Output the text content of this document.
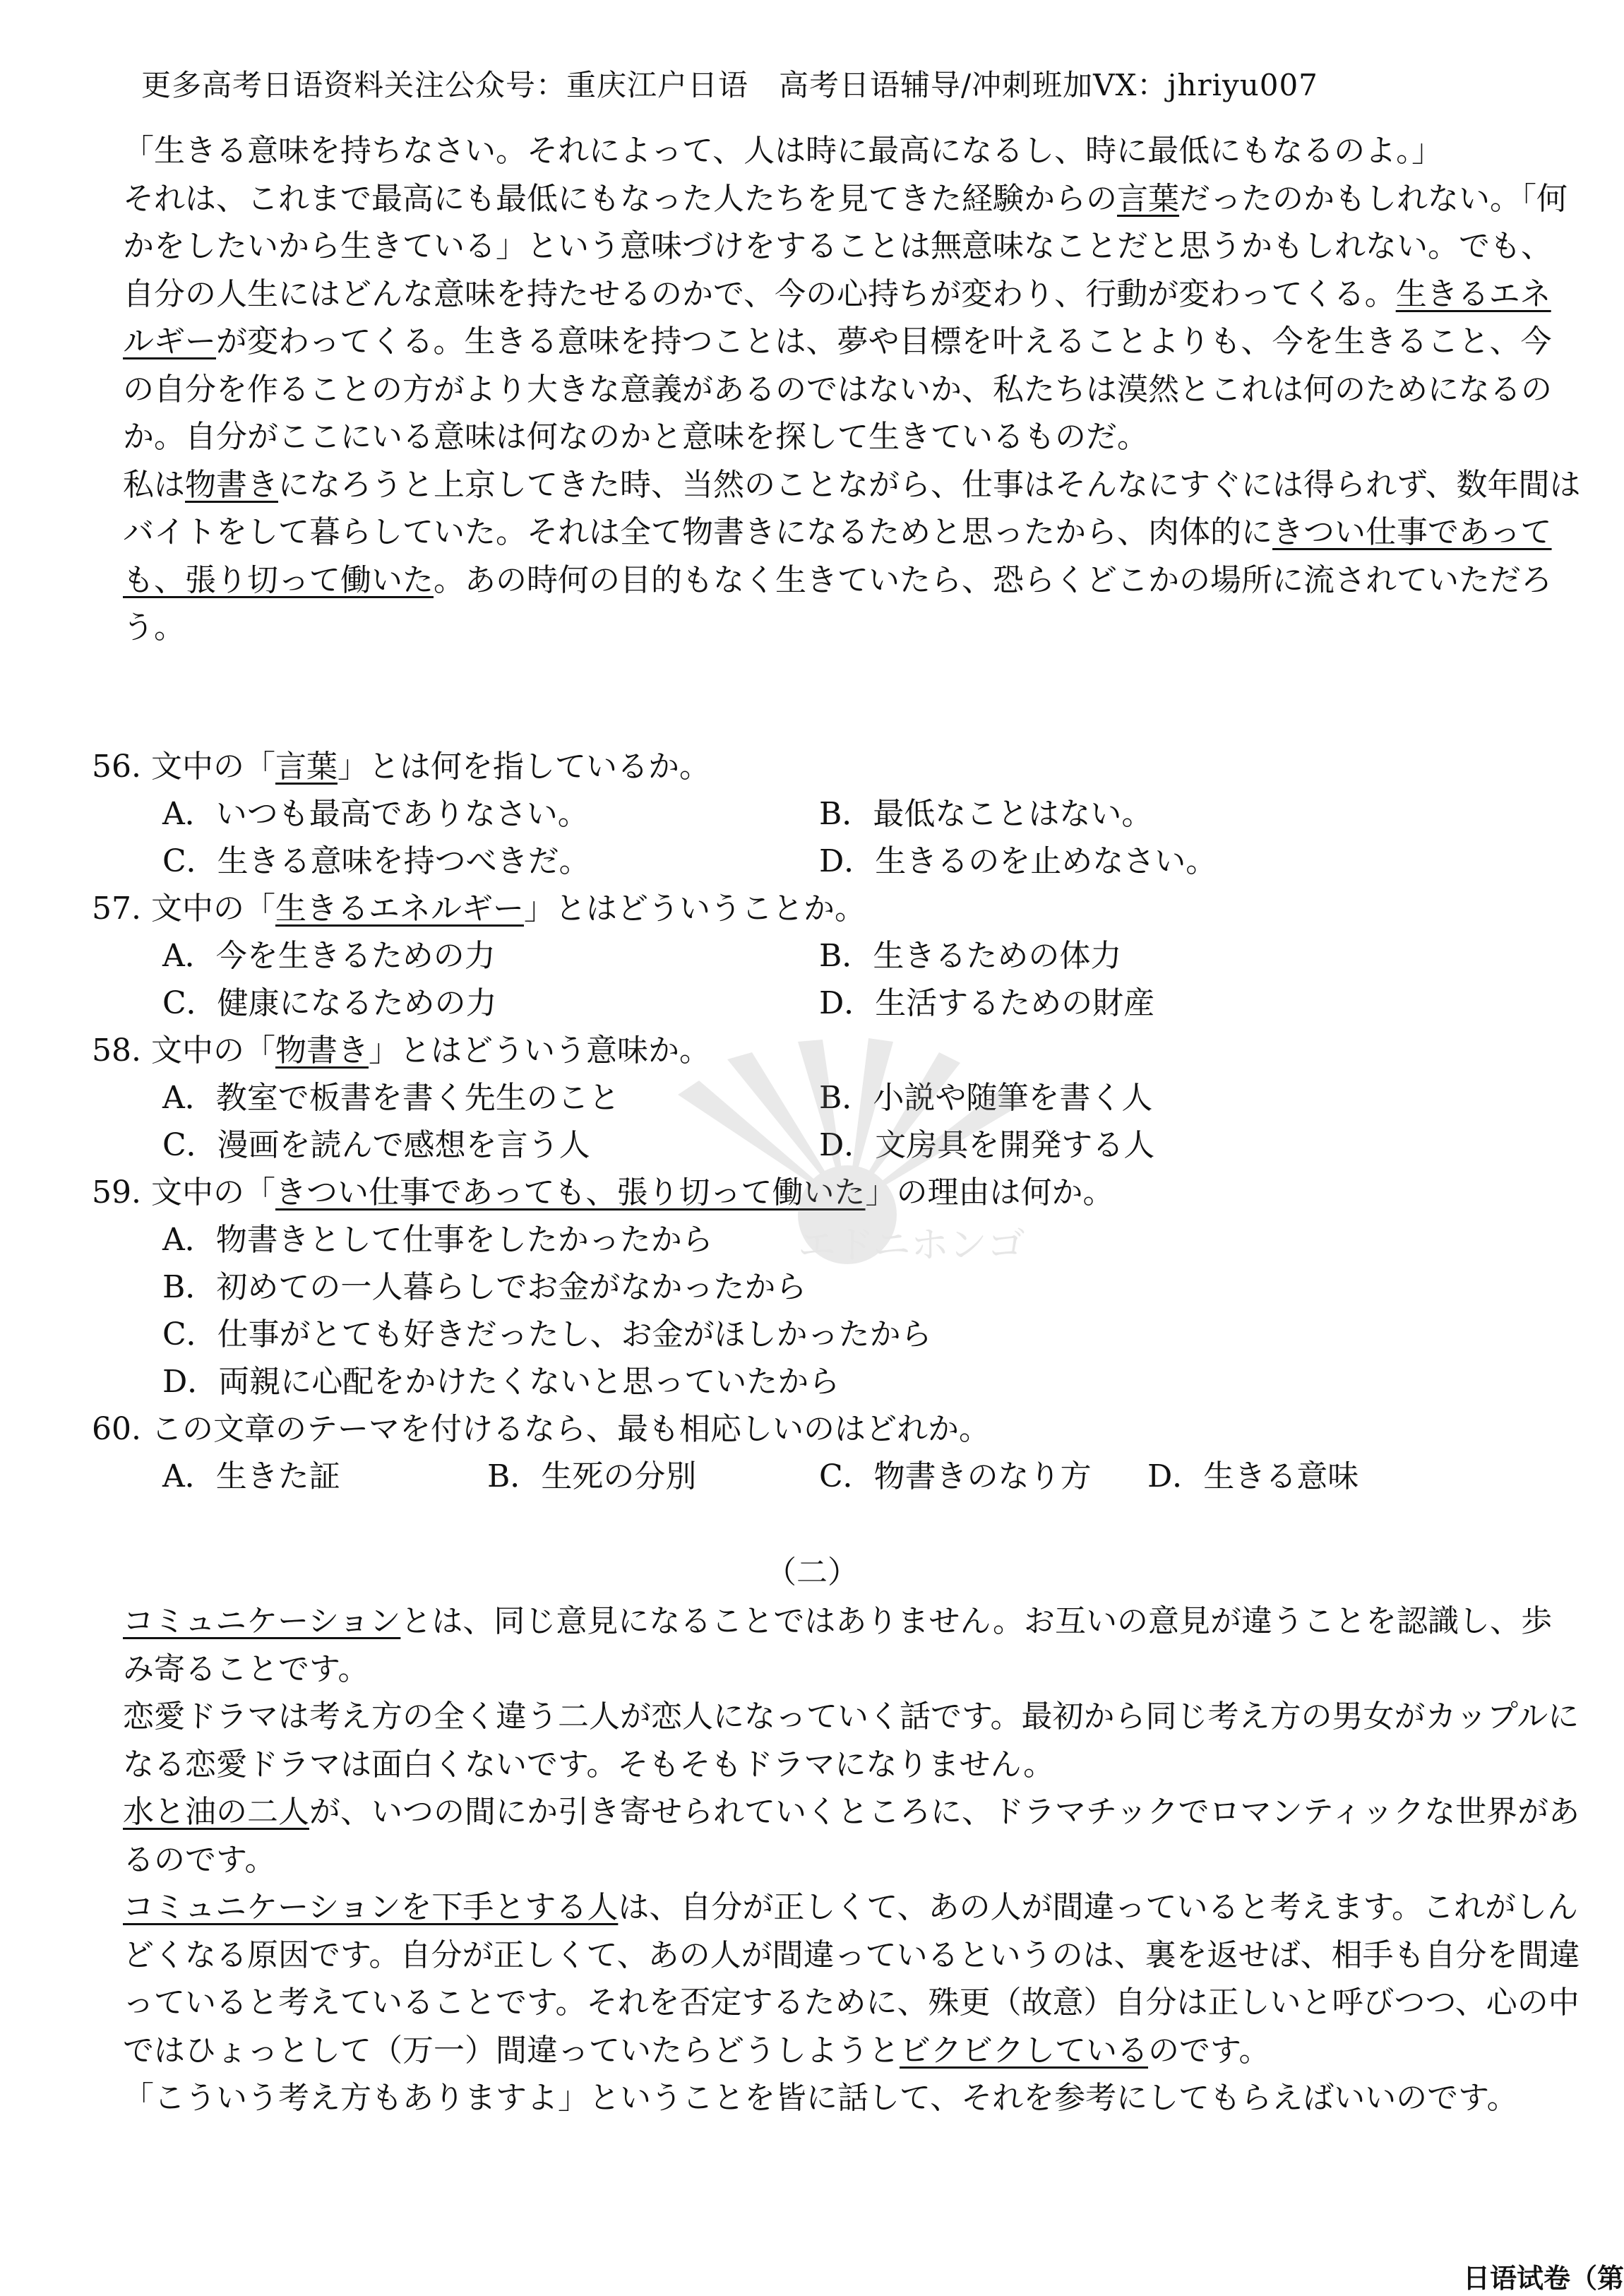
更多高考日语资料关注公众号：重庆江户日语　高考日语辅导/冲刺班加VX：jhriyu007

「生きる意味を持ちなさい。それによって、人は時に最高になるし、時に最低にもなるのよ。」

それは、これまで最高にも最低にもなった人たちを見てきた経験からの言葉だったのかもしれない。「何かをしたいから生きている」という意味づけをすることは無意味なことだと思うかもしれない。でも、自分の人生にはどんな意味を持たせるのかで、今の心持ちが変わり、行動が変わってくる。生きるエネルギーが変わってくる。生きる意味を持つことは、夢や目標を叶えることよりも、今を生きること、今の自分を作ることの方がより大きな意義があるのではないか、私たちは漠然とこれは何のためになるのか。自分がここにいる意味は何なのかと意味を探して生きているものだ。

私は物書きになろうと上京してきた時、当然のことながら、仕事はそんなにすぐには得られず、数年間はバイトをして暮らしていた。それは全て物書きになるためと思ったから、肉体的にきつい仕事であっても、張り切って働いた。あの時何の目的もなく生きていたら、恐らくどこかの場所に流されていただろう。

56. 文中の「言葉」とは何を指しているか。
A．いつも最高でありなさい。	B．最低なことはない。
C．生きる意味を持つべきだ。	D．生きるのを止めなさい。
57. 文中の「生きるエネルギー」とはどういうことか。
A．今を生きるための力	B．生きるための体力
C．健康になるための力	D．生活するための財産
58. 文中の「物書き」とはどういう意味か。
A．教室で板書を書く先生のこと	B．小説や随筆を書く人
C．漫画を読んで感想を言う人	D．文房具を開発する人
59. 文中の「きつい仕事であっても、張り切って働いた」の理由は何か。
A．物書きとして仕事をしたかったから
B．初めての一人暮らしでお金がなかったから
C．仕事がとても好きだったし、お金がほしかったから
D．両親に心配をかけたくないと思っていたから
60. この文章のテーマを付けるなら、最も相応しいのはどれか。
A．生きた証	B．生死の分別	C．物書きのなり方	D．生きる意味
（二）

コミュニケーションとは、同じ意見になることではありません。お互いの意見が違うことを認識し、歩み寄ることです。

恋愛ドラマは考え方の全く違う二人が恋人になっていく話です。最初から同じ考え方の男女がカップルになる恋愛ドラマは面白くないです。そもそもドラマになりません。

水と油の二人が、いつの間にか引き寄せられていくところに、ドラマチックでロマンティックな世界があるのです。

コミュニケーションを下手とする人は、自分が正しくて、あの人が間違っていると考えます。これがしんどくなる原因です。自分が正しくて、あの人が間違っているというのは、裏を返せば、相手も自分を間違っていると考えていることです。それを否定するために、殊更（故意）自分は正しいと呼びつつ、心の中ではひょっとして（万一）間違っていたらどうしようとビクビクしているのです。

「こういう考え方もありますよ」ということを皆に話して、それを参考にしてもらえばいいのです。

エドニホンゴ
日语试卷（第
